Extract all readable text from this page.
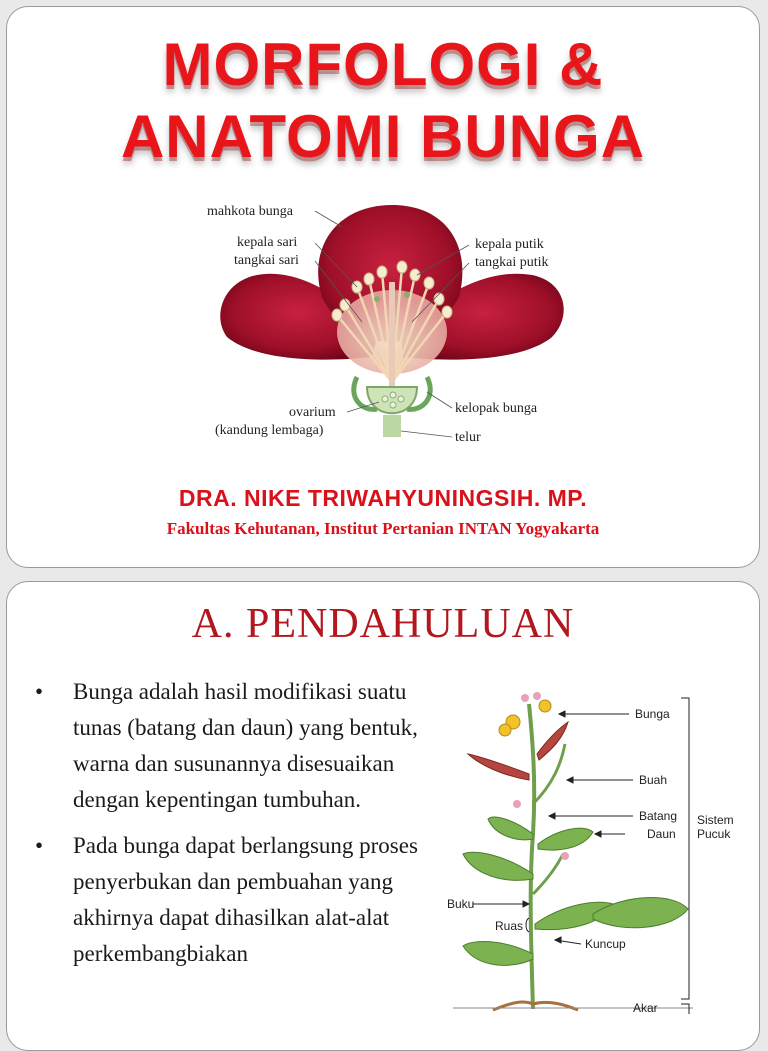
MORFOLOGI &
ANATOMI BUNGA
mahkota bunga
kepala sari
tangkai sari
kepala putik
tangkai putik
ovarium
(kandung lembaga)
kelopak bunga
telur
DRA. NIKE TRIWAHYUNINGSIH. MP.
Fakultas Kehutanan, Institut Pertanian INTAN Yogyakarta
A. PENDAHULUAN
• Bunga adalah hasil modifikasi suatu tunas (batang dan daun) yang bentuk, warna dan susunannya disesuaikan dengan kepentingan tumbuhan.
• Pada bunga dapat berlangsung proses penyerbukan dan pembuahan yang akhirnya dapat dihasilkan alat-alat perkembangbiakan
Bunga
Buah
Batang
Daun
Sistem
Pucuk
Buku
Ruas
Kuncup
Akar
